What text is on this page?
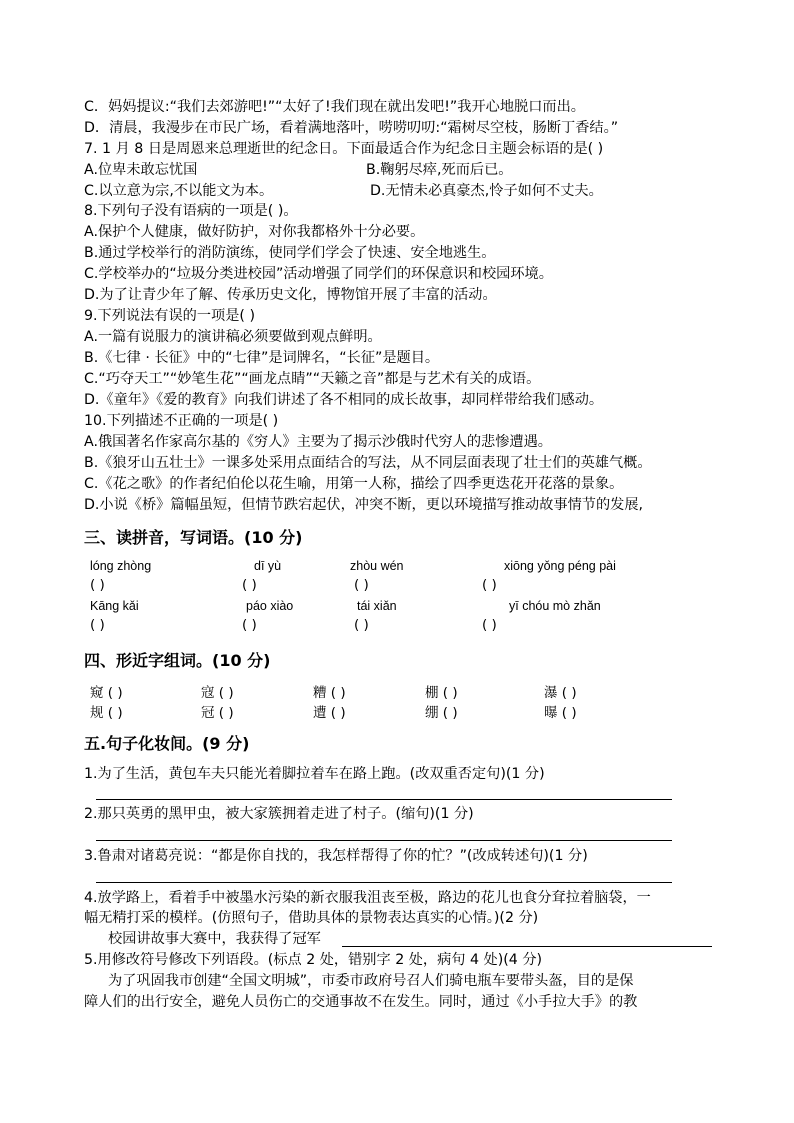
C．妈妈提议:“我们去郊游吧!”“太好了!我们现在就出发吧!”我开心地脱口而出。
D．清晨，我漫步在市民广场，看着满地落叶，唠唠叨叨:“霜树尽空枝，肠断丁香结。”
7. 1 月 8 日是周恩来总理逝世的纪念日。下面最适合作为纪念日主题会标语的是( )
A.位卑未敢忘忧国	B.鞠躬尽瘁,死而后已。
C.以立意为宗,不以能文为本。	D.无情未必真豪杰,怜子如何不丈夫。
8.下列句子没有语病的一项是( )。
A.保护个人健康，做好防护，对你我都格外十分必要。
B.通过学校举行的消防演练，使同学们学会了快速、安全地逃生。
C.学校举办的“垃圾分类进校园”活动增强了同学们的环保意识和校园环境。
D.为了让青少年了解、传承历史文化，博物馆开展了丰富的活动。
9.下列说法有误的一项是( )
A.一篇有说服力的演讲稿必须要做到观点鲜明。
B.《七律 · 长征》中的“七律”是词牌名，“长征”是题目。
C.“巧夺天工”“妙笔生花”“画龙点睛”“天籁之音”都是与艺术有关的成语。
D.《童年》《爱的教育》向我们讲述了各不相同的成长故事，却同样带给我们感动。
10.下列描述不正确的一项是( )
A.俄国著名作家高尔基的《穷人》主要为了揭示沙俄时代穷人的悲惨遭遇。
B.《狼牙山五壮士》一课多处采用点面结合的写法，从不同层面表现了壮士们的英雄气概。
C.《花之歌》的作者纪伯伦以花生喻，用第一人称，描绘了四季更迭花开花落的景象。
D.小说《桥》篇幅虽短，但情节跌宕起伏，冲突不断，更以环境描写推动故事情节的发展,
三、读拼音，写词语。(10 分)
lóng zhòng	dī yù	zhòu wén	xiōng yǒng péng pài
( )	( )	( )	( )
Kāng kǎi	páo xiào	tái xiǎn	yī chóu mò zhǎn
( )	( )	( )	( )
四、形近字组词。(10 分)
窥 ( )	寇 ( )	糟 ( )	棚 ( )	瀑 ( )
规 ( )	冠 ( )	遭 ( )	绷 ( )	曝 ( )
五.句子化妆间。(9 分)
1.为了生活，黄包车夫只能光着脚拉着车在路上跑。(改双重否定句)(1 分)
2.那只英勇的黑甲虫，被大家簇拥着走进了村子。(缩句)(1 分)
3.鲁肃对诸葛亮说：“都是你自找的，我怎样帮得了你的忙？”(改成转述句)(1 分)
4.放学路上，看着手中被墨水污染的新衣服我沮丧至极，路边的花儿也食分耷拉着脑袋，一
幅无精打采的模样。(仿照句子，借助具体的景物表达真实的心情。)(2 分)
校园讲故事大赛中，我获得了冠军
5.用修改符号修改下列语段。(标点 2 处，错别字 2 处，病句 4 处)(4 分)
为了巩固我市创建“全国文明城”，市委市政府号召人们骑电瓶车要带头盔，目的是保
障人们的出行安全，避免人员伤亡的交通事故不在发生。同时，通过《小手拉大手》的教
